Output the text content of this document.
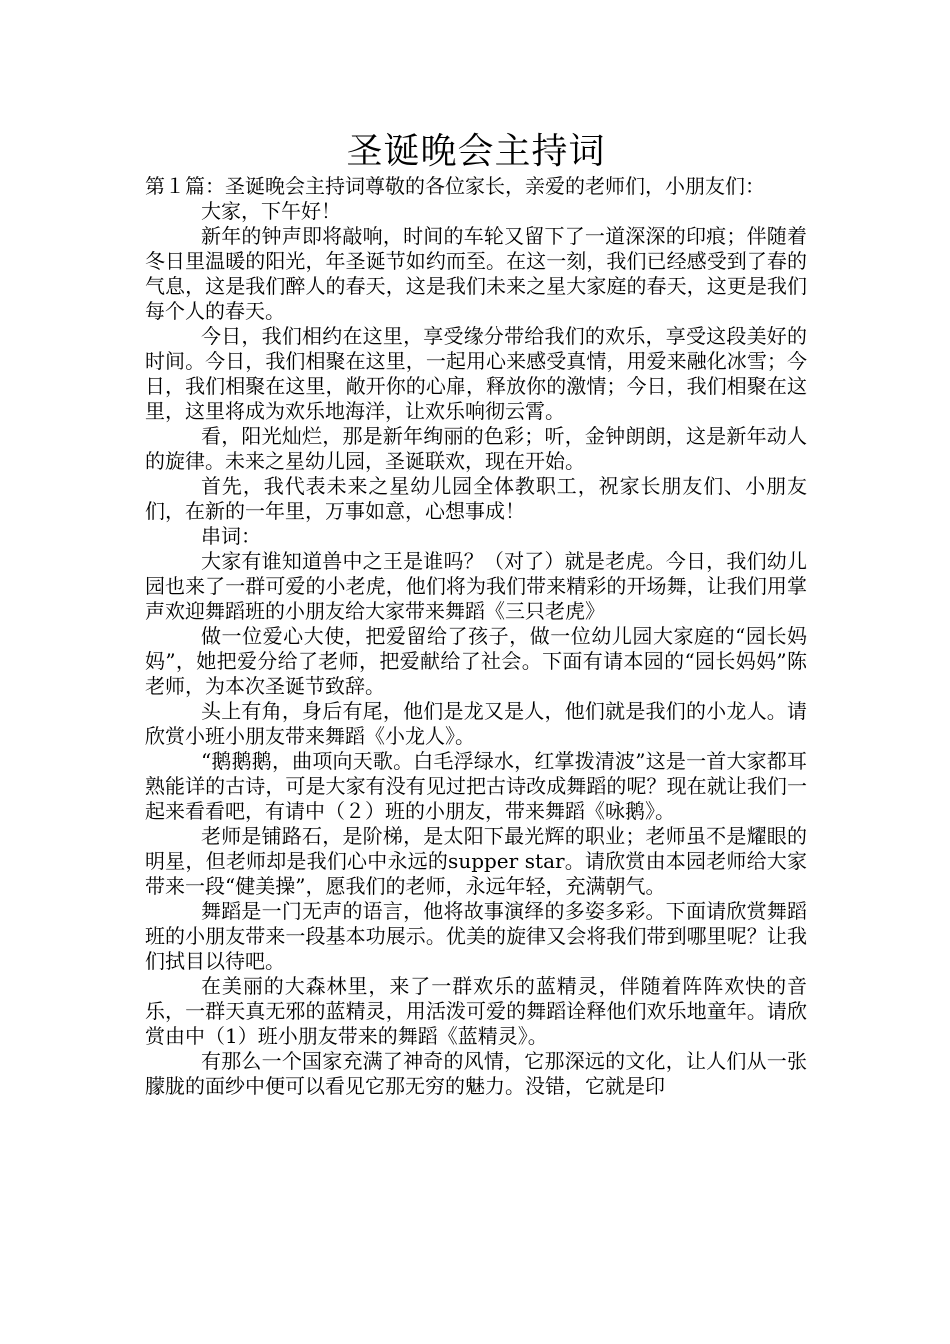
圣诞晚会主持词

第１篇：圣诞晚会主持词尊敬的各位家长，亲爱的老师们，小朋友们：

大家，下午好！

新年的钟声即将敲响，时间的车轮又留下了一道深深的印痕；伴随着冬日里温暖的阳光，年圣诞节如约而至。在这一刻，我们已经感受到了春的气息，这是我们醉人的春天，这是我们未来之星大家庭的春天，这更是我们每个人的春天。

今日，我们相约在这里，享受缘分带给我们的欢乐，享受这段美好的时间。今日，我们相聚在这里，一起用心来感受真情，用爱来融化冰雪；今日，我们相聚在这里，敞开你的心扉，释放你的激情；今日，我们相聚在这里，这里将成为欢乐地海洋，让欢乐响彻云霄。

看，阳光灿烂，那是新年绚丽的色彩；听，金钟朗朗，这是新年动人的旋律。未来之星幼儿园，圣诞联欢，现在开始。

首先，我代表未来之星幼儿园全体教职工，祝家长朋友们、小朋友们，在新的一年里，万事如意，心想事成！

串词：

大家有谁知道兽中之王是谁吗？（对了）就是老虎。今日，我们幼儿园也来了一群可爱的小老虎，他们将为我们带来精彩的开场舞，让我们用掌声欢迎舞蹈班的小朋友给大家带来舞蹈《三只老虎》

做一位爱心大使，把爱留给了孩子，做一位幼儿园大家庭的“园长妈妈”，她把爱分给了老师，把爱献给了社会。下面有请本园的“园长妈妈”陈老师，为本次圣诞节致辞。

头上有角，身后有尾，他们是龙又是人，他们就是我们的小龙人。请欣赏小班小朋友带来舞蹈《小龙人》。

“鹅鹅鹅，曲项向天歌。白毛浮绿水，红掌拨清波”这是一首大家都耳熟能详的古诗，可是大家有没有见过把古诗改成舞蹈的呢？现在就让我们一起来看看吧，有请中（２）班的小朋友，带来舞蹈《咏鹅》。

老师是铺路石，是阶梯，是太阳下最光辉的职业；老师虽不是耀眼的明星，但老师却是我们心中永远的supper star。请欣赏由本园老师给大家带来一段“健美操”，愿我们的老师，永远年轻，充满朝气。

舞蹈是一门无声的语言，他将故事演绎的多姿多彩。下面请欣赏舞蹈班的小朋友带来一段基本功展示。优美的旋律又会将我们带到哪里呢？让我们拭目以待吧。

在美丽的大森林里，来了一群欢乐的蓝精灵，伴随着阵阵欢快的音乐，一群天真无邪的蓝精灵，用活泼可爱的舞蹈诠释他们欢乐地童年。请欣赏由中（1）班小朋友带来的舞蹈《蓝精灵》。

有那么一个国家充满了神奇的风情，它那深远的文化，让人们从一张朦胧的面纱中便可以看见它那无穷的魅力。没错，它就是印
